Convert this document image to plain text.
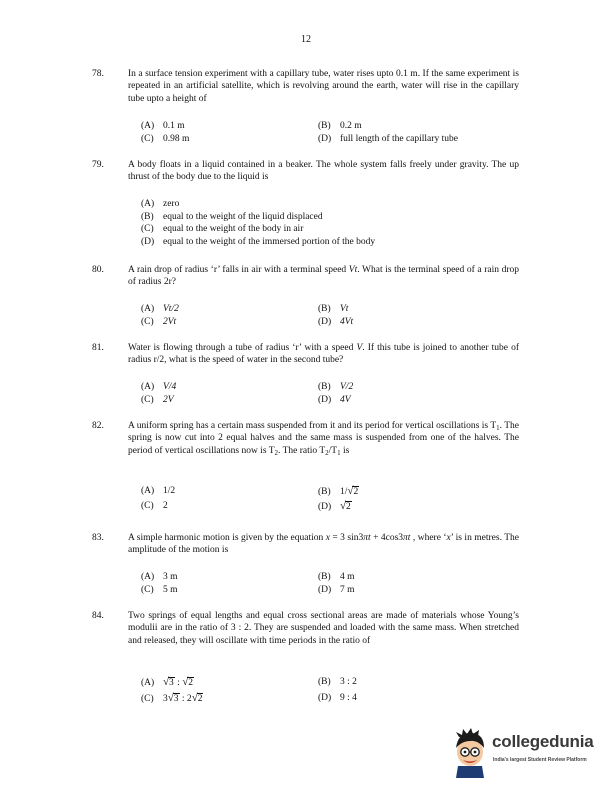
12
78.	In a surface tension experiment with a capillary tube, water rises upto 0.1 m. If the same experiment is repeated in an artificial satellite, which is revolving around the earth, water will rise in the capillary tube upto a height of
(A) 0.1 m	(B) 0.2 m
(C) 0.98 m	(D) full length of the capillary tube
79.	A body floats in a liquid contained in a beaker. The whole system falls freely under gravity. The up thrust of the body due to the liquid is
(A) zero
(B) equal to the weight of the liquid displaced
(C) equal to the weight of the body in air
(D) equal to the weight of the immersed portion of the body
80.	A rain drop of radius ‘r’ falls in air with a terminal speed Vt. What is the terminal speed of a rain drop of radius 2r?
(A) Vt/2	(B) Vt
(C) 2Vt	(D) 4Vt
81.	Water is flowing through a tube of radius ‘r’ with a speed V. If this tube is joined to another tube of radius r/2, what is the speed of water in the second tube?
(A) V/4	(B) V/2
(C) 2V	(D) 4V
82.	A uniform spring has a certain mass suspended from it and its period for vertical oscillations is $T_1$. The spring is now cut into 2 equal halves and the same mass is suspended from one of the halves. The period of vertical oscillations now is $T_2$. The ratio $T_2/T_1$ is
(A) 1/2	(B) 1/√2
(C) 2	(D) √2
83.	A simple harmonic motion is given by the equation x = 3 sin3πt + 4cos3πt , where ‘x’ is in metres. The amplitude of the motion is
(A) 3 m	(B) 4 m
(C) 5 m	(D) 7 m
84.	Two springs of equal lengths and equal cross sectional areas are made of materials whose Young’s modulii are in the ratio of 3 : 2. They are suspended and loaded with the same mass. When stretched and released, they will oscillate with time periods in the ratio of
(A) √3 : √2	(B) 3 : 2
(C) 3√3 : 2√2	(D) 9 : 4
collegedunia
India's largest Student Review Platform
